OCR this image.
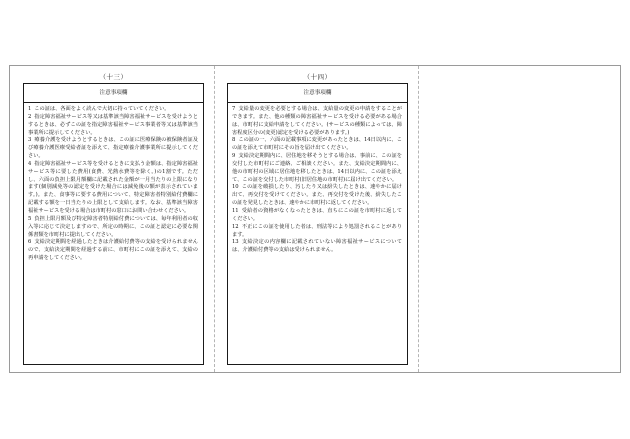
（十三）
注意事項欄

1 この証は、各面をよく読んで大切に持っていてください。

2 指定障害福祉サービス等又は基準該当障害福祉サービスを受けようとするときは、必ずこの証を指定障害福祉サービス事業者等又は基準該当事業所に提示してください。

3 療養介護を受けようとするときは、この証に医療保険の被保険者証及び療養介護医療受給者証を添えて、指定療養介護事業所に提示してください。

4 指定障害福祉サービス等を受けるときに支払う金額は、指定障害福祉サービス等に要した費用(食費、光熱水費等を除く。)の1割です。ただし、六面の負担上限月額欄に記載された金額が一月当たりの上限になります(個別減免等の認定を受けた場合には減免後の額が表示されています。)。また、食事等に要する費用について、特定障害者特別給付費欄に記載する額を一日当たりの上限として支給します。なお、基準該当障害福祉サービスを受ける場合は市町村の窓口にお問い合わせください。

5 負担上限月額及び特定障害者特別給付費については、毎年利用者の収入等に応じて決定しますので、所定の時期に、この証と認定に必要な関係書類を市町村に提出してください。

6 支給決定期間を経過したときは介護給付費等の支給を受けられませんので、支給決定期間を経過する前に、市町村にこの証を添えて、支給の再申請をしてください。

（十四）
注意事項欄

7 支給量の変更を必要とする場合は、支給量の変更の申請をすることができます。また、他の種類の障害福祉サービスを受ける必要がある場合は、市町村に支給申請をしてください。(サービスの種類によっては、障害程度区分の(変更)認定を受ける必要があります。)

8 この証の一、六面の記載事項に変更があったときは、14日以内に、この証を添えて市町村にその旨を届け出てください。

9 支給決定期間内に、居住地を移そうとする場合は、事前に、この証を交付した市町村にご連絡、ご相談ください。また、支給決定期間内に、他の市町村の区域に居住地を移したときは、14日以内に、この証を添えて、この証を交付した市町村(旧居住地の市町村)に届け出てください。

10 この証を破損したり、汚したり又は紛失したときは、速やかに届け出て、再交付を受けてください。また、再交付を受けた後、紛失したこの証を発見したときは、速やかに市町村に返してください。

11 受給者の資格がなくなったときは、直ちにこの証を市町村に返してください。

12 不正にこの証を使用した者は、刑法等により処罰されることがあります。

13 支給決定の内容欄に記載されていない障害福祉サービスについては、介護給付費等の支給は受けられません。
